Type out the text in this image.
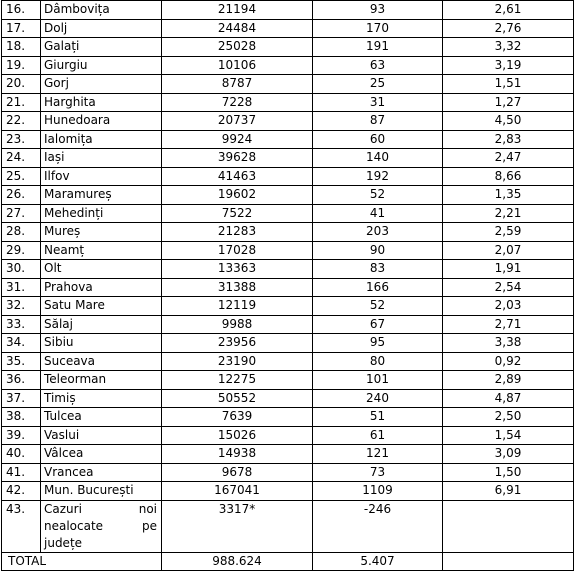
16.	Dâmbovița	21194	93	2,61
17.	Dolj	24484	170	2,76
18.	Galați	25028	191	3,32
19.	Giurgiu	10106	63	3,19
20.	Gorj	8787	25	1,51
21.	Harghita	7228	31	1,27
22.	Hunedoara	20737	87	4,50
23.	Ialomița	9924	60	2,83
24.	Iași	39628	140	2,47
25.	Ilfov	41463	192	8,66
26.	Maramureș	19602	52	1,35
27.	Mehedinți	7522	41	2,21
28.	Mureș	21283	203	2,59
29.	Neamț	17028	90	2,07
30.	Olt	13363	83	1,91
31.	Prahova	31388	166	2,54
32.	Satu Mare	12119	52	2,03
33.	Sălaj	9988	67	2,71
34.	Sibiu	23956	95	3,38
35.	Suceava	23190	80	0,92
36.	Teleorman	12275	101	2,89
37.	Timiș	50552	240	4,87
38.	Tulcea	7639	51	2,50
39.	Vaslui	15026	61	1,54
40.	Vâlcea	14938	121	3,09
41.	Vrancea	9678	73	1,50
42.	Mun. București	167041	1109	6,91
43.	Cazuri noi nealocate pe județe	3317*	-246	
TOTAL		988.624	5.407	
